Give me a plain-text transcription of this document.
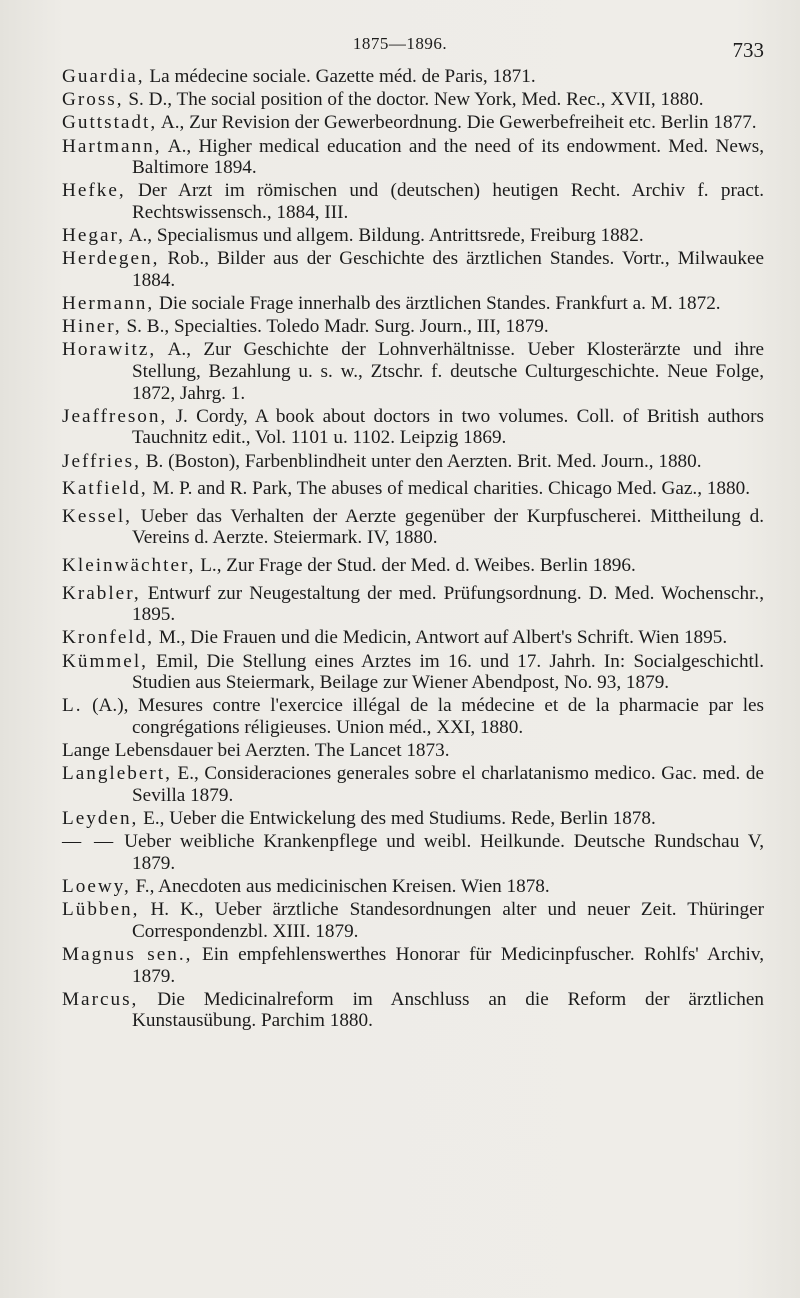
1875—1896.	733

Guardia, La médecine sociale. Gazette méd. de Paris, 1871.

Gross, S. D., The social position of the doctor. New York, Med. Rec., XVII, 1880.

Guttstadt, A., Zur Revision der Gewerbeordnung. Die Gewerbefreiheit etc. Berlin 1877.

Hartmann, A., Higher medical education and the need of its endowment. Med. News, Baltimore 1894.

Hefke, Der Arzt im römischen und (deutschen) heutigen Recht. Archiv f. pract. Rechtswissensch., 1884, III.

Hegar, A., Specialismus und allgem. Bildung. Antrittsrede, Freiburg 1882.

Herdegen, Rob., Bilder aus der Geschichte des ärztlichen Standes. Vortr., Milwaukee 1884.

Hermann, Die sociale Frage innerhalb des ärztlichen Standes. Frankfurt a. M. 1872.

Hiner, S. B., Specialties. Toledo Madr. Surg. Journ., III, 1879.

Horawitz, A., Zur Geschichte der Lohnverhältnisse. Ueber Klosterärzte und ihre Stellung, Bezahlung u. s. w., Ztschr. f. deutsche Culturgeschichte. Neue Folge, 1872, Jahrg. 1.

Jeaffreson, J. Cordy, A book about doctors in two volumes. Coll. of British authors Tauchnitz edit., Vol. 1101 u. 1102. Leipzig 1869.

Jeffries, B. (Boston), Farbenblindheit unter den Aerzten. Brit. Med. Journ., 1880.

Katfield, M. P. and R. Park, The abuses of medical charities. Chicago Med. Gaz., 1880.

Kessel, Ueber das Verhalten der Aerzte gegenüber der Kurpfuscherei. Mittheilung d. Vereins d. Aerzte. Steiermark. IV, 1880.

Kleinwächter, L., Zur Frage der Stud. der Med. d. Weibes. Berlin 1896.

Krabler, Entwurf zur Neugestaltung der med. Prüfungsordnung. D. Med. Wochenschr., 1895.

Kronfeld, M., Die Frauen und die Medicin, Antwort auf Albert's Schrift. Wien 1895.

Kümmel, Emil, Die Stellung eines Arztes im 16. und 17. Jahrh. In: Socialgeschichtl. Studien aus Steiermark, Beilage zur Wiener Abendpost, No. 93, 1879.

L. (A.), Mesures contre l'exercice illégal de la médecine et de la pharmacie par les congrégations réligieuses. Union méd., XXI, 1880.

Lange Lebensdauer bei Aerzten. The Lancet 1873.

Langlebert, E., Consideraciones generales sobre el charlatanismo medico. Gac. med. de Sevilla 1879.

Leyden, E., Ueber die Entwickelung des med Studiums. Rede, Berlin 1878.

— — Ueber weibliche Krankenpflege und weibl. Heilkunde. Deutsche Rundschau V, 1879.

Loewy, F., Anecdoten aus medicinischen Kreisen. Wien 1878.

Lübben, H. K., Ueber ärztliche Standesordnungen alter und neuer Zeit. Thüringer Correspondenzbl. XIII. 1879.

Magnus sen., Ein empfehlenswerthes Honorar für Medicinpfuscher. Rohlfs' Archiv, 1879.

Marcus, Die Medicinalreform im Anschluss an die Reform der ärztlichen Kunstausübung. Parchim 1880.
